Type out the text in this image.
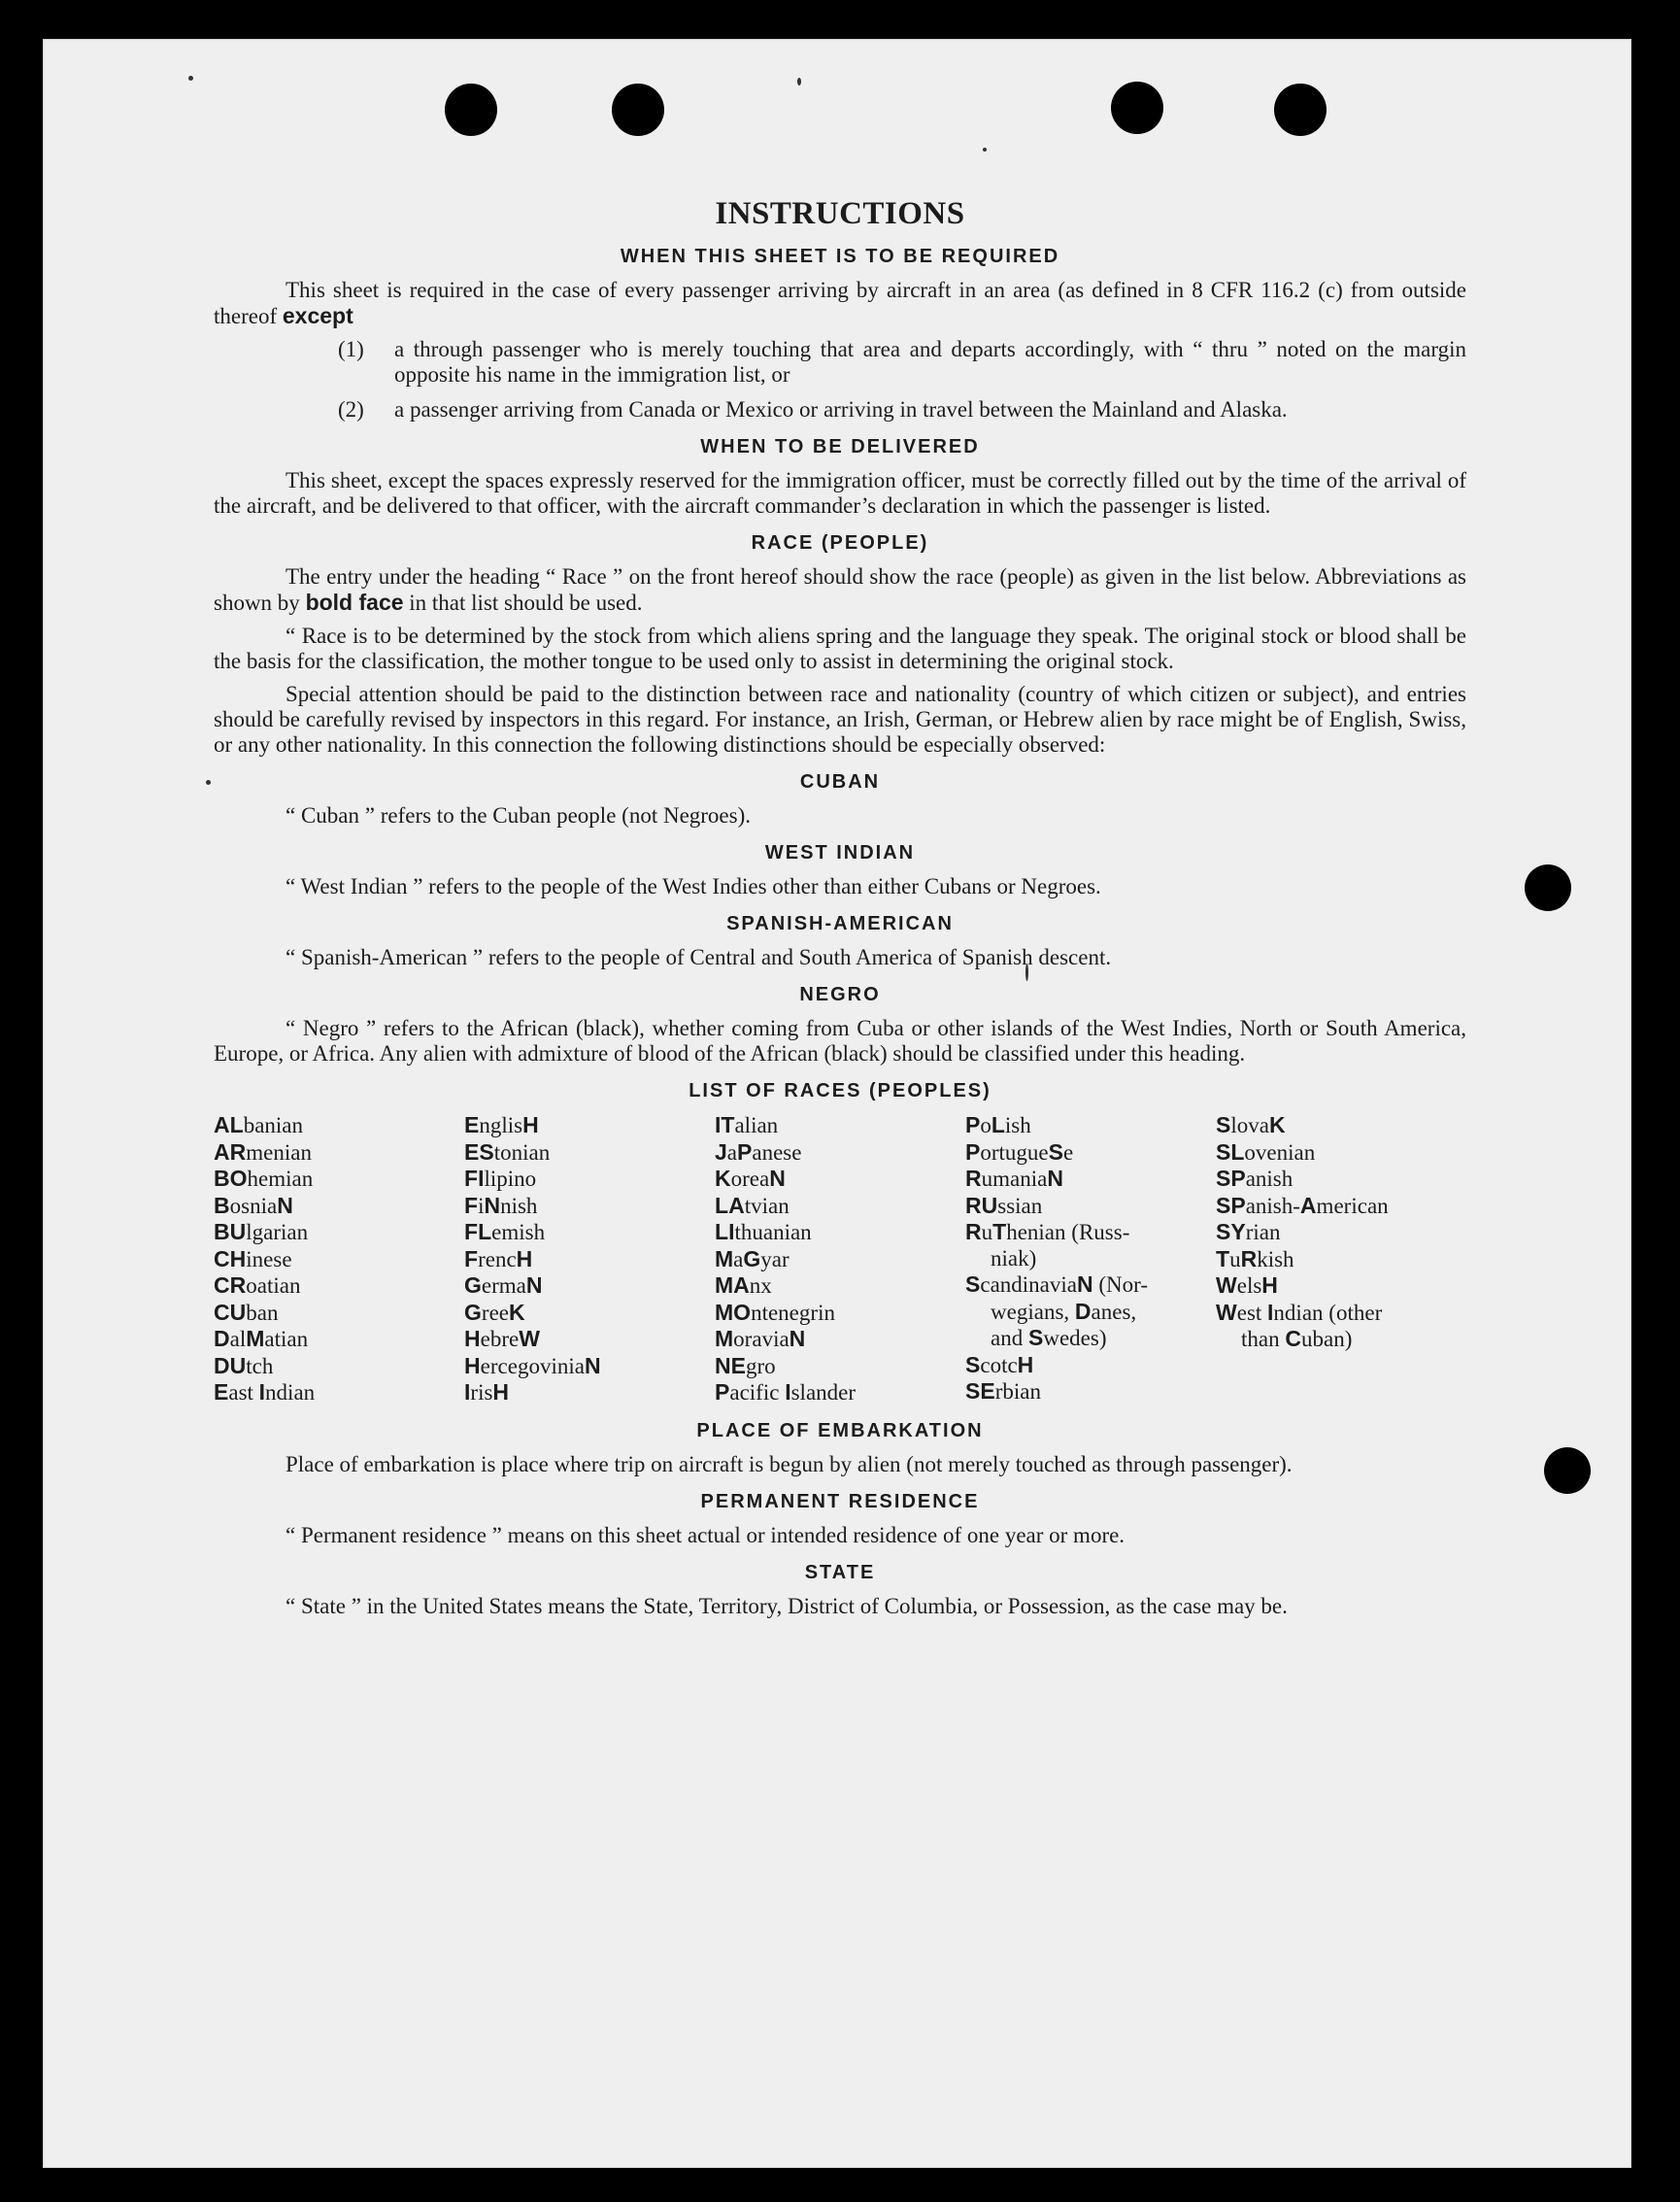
INSTRUCTIONS
WHEN THIS SHEET IS TO BE REQUIRED

This sheet is required in the case of every passenger arriving by aircraft in an area (as defined in 8 CFR 116.2 (c) from outside thereof except

(1)	a through passenger who is merely touching that area and departs accordingly, with “ thru ” noted on the margin opposite his name in the immigration list, or
(2)	a passenger arriving from Canada or Mexico or arriving in travel between the Mainland and Alaska.
WHEN TO BE DELIVERED

This sheet, except the spaces expressly reserved for the immigration officer, must be correctly filled out by the time of the arrival of the aircraft, and be delivered to that officer, with the aircraft commander’s declaration in which the passenger is listed.

RACE (PEOPLE)

The entry under the heading “ Race ” on the front hereof should show the race (people) as given in the list below. Abbreviations as shown by bold face in that list should be used.

“ Race is to be determined by the stock from which aliens spring and the language they speak. The original stock or blood shall be the basis for the classification, the mother tongue to be used only to assist in determining the original stock.

Special attention should be paid to the distinction between race and nationality (country of which citizen or subject), and entries should be carefully revised by inspectors in this regard. For instance, an Irish, German, or Hebrew alien by race might be of English, Swiss, or any other nationality. In this connection the following distinctions should be especially observed:

CUBAN

“ Cuban ” refers to the Cuban people (not Negroes).

WEST INDIAN

“ West Indian ” refers to the people of the West Indies other than either Cubans or Negroes.

SPANISH-AMERICAN

“ Spanish-American ” refers to the people of Central and South America of Spanish descent.

NEGRO

“ Negro ” refers to the African (black), whether coming from Cuba or other islands of the West Indies, North or South America, Europe, or Africa. Any alien with admixture of blood of the African (black) should be classified under this heading.

LIST OF RACES (PEOPLES)
ALbanian
ARmenian
BOhemian
BosniaN
BUlgarian
CHinese
CRoatian
CUban
DalMatian
DUtch
East Indian
EnglisH
EStonian
FIlipino
FiNnish
FLemish
FrencH
GermaN
GreeK
HebreW
HercegoviniaN
IrisH
ITalian
JaPanese
KoreaN
LAtvian
LIthuanian
MaGyar
MAnx
MOntenegrin
MoraviaN
NEgro
Pacific Islander
PoLish
PortugueSe
RumaniaN
RUssian
RuThenian (Russ-
niak)
ScandinaviaN (Nor-
wegians, Danes,
and Swedes)
ScotcH
SErbian
SlovaK
SLovenian
SPanish
SPanish-American
SYrian
TuRkish
WelsH
West Indian (other
than Cuban)
PLACE OF EMBARKATION

Place of embarkation is place where trip on aircraft is begun by alien (not merely touched as through passenger).

PERMANENT RESIDENCE

“ Permanent residence ” means on this sheet actual or intended residence of one year or more.

STATE

“ State ” in the United States means the State, Territory, District of Columbia, or Possession, as the case may be.
